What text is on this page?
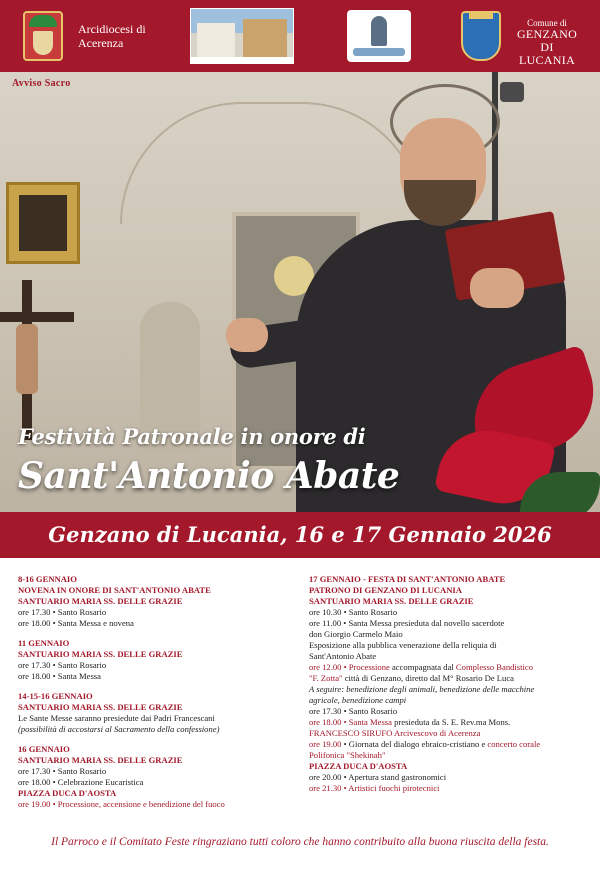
Arcidiocesi di Acerenza
Comune di
GENZANO DI LUCANIA
Avviso Sacro
Festività Patronale in onore di
Sant'Antonio Abate
Genzano di Lucania, 16 e 17 Gennaio 2026
8-16 GENNAIO
NOVENA IN ONORE DI SANT'ANTONIO ABATE
SANTUARIO MARIA SS. DELLE GRAZIE
ore 17.30 • Santo Rosario
ore 18.00 • Santa Messa e novena
11 GENNAIO
SANTUARIO MARIA SS. DELLE GRAZIE
ore 17.30 • Santo Rosario
ore 18.00 • Santa Messa
14-15-16 GENNAIO
SANTUARIO MARIA SS. DELLE GRAZIE
Le Sante Messe saranno presiedute dai Padri Francescani
(possibilità di accostarsi al Sacramento della confessione)
16 GENNAIO
SANTUARIO MARIA SS. DELLE GRAZIE
ore 17.30 • Santo Rosario
ore 18.00 • Celebrazione Eucaristica
PIAZZA DUCA D'AOSTA
ore 19.00 • Processione, accensione e benedizione del fuoco
17 GENNAIO - FESTA DI SANT'ANTONIO ABATE
PATRONO DI GENZANO DI LUCANIA
SANTUARIO MARIA SS. DELLE GRAZIE
ore 10.30 • Santo Rosario
ore 11.00 • Santa Messa presieduta dal novello sacerdote
don Giorgio Carmelo Maio
Esposizione alla pubblica venerazione della reliquia di
Sant'Antonio Abate
ore 12.00 • Processione accompagnata dal Complesso Bandistico
"F. Zotta" città di Genzano, diretto dal M° Rosario De Luca
A seguire: benedizione degli animali, benedizione delle macchine
agricole, benedizione campi
ore 17.30 • Santo Rosario
ore 18.00 • Santa Messa presieduta da S. E. Rev.ma Mons.
FRANCESCO SIRUFO Arcivescovo di Acerenza
ore 19.00 • Giornata del dialogo ebraico-cristiano e concerto corale
Polifonica "Shekinah"
PIAZZA DUCA D'AOSTA
ore 20.00 • Apertura stand gastronomici
ore 21.30 • Artistici fuochi pirotecnici
Il Parroco e il Comitato Feste ringraziano tutti coloro che hanno contribuito alla buona riuscita della festa.
